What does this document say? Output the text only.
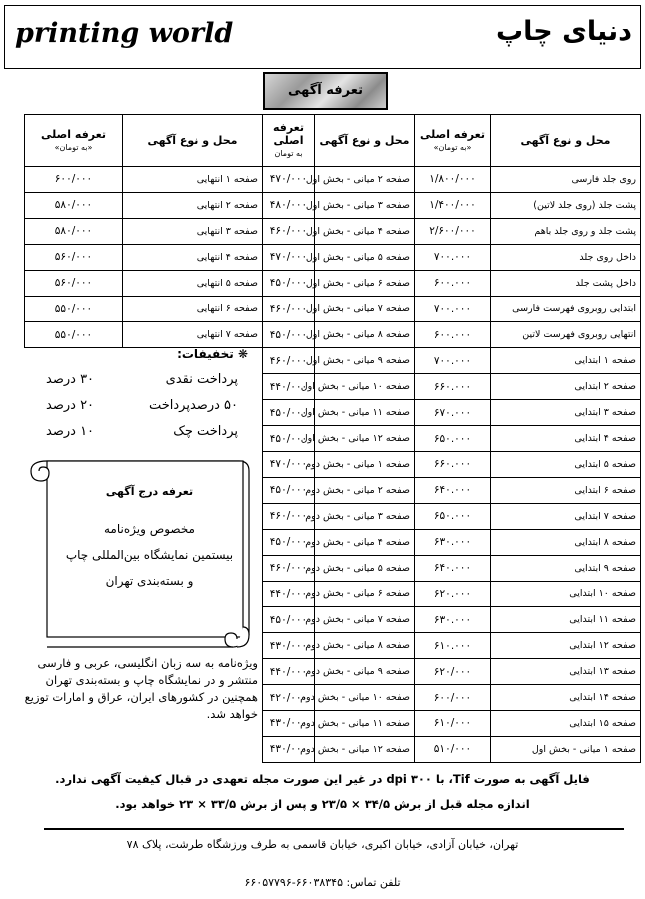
printing world	دنیای چاپ
تعرفه آگهی
محل و نوع آگهی	تعرفه اصلی
«به تومان»	محل و نوع آگهی	تعرفه
اصلی
به تومان

روی جلد فارسی	۱/۸۰۰/۰۰۰	صفحه ۲ میانی - بخش اول	۴۷۰/۰۰۰
پشت جلد (روی جلد لاتین)	۱/۴۰۰/۰۰۰	صفحه ۳ میانی - بخش اول	۴۸۰/۰۰۰
پشت جلد و روی جلد باهم	۲/۶۰۰/۰۰۰	صفحه ۴ میانی - بخش اول	۴۶۰/۰۰۰
داخل روی جلد	۷۰۰.۰۰۰	صفحه ۵ میانی - بخش اول	۴۷۰/۰۰۰
داخل پشت جلد	۶۰۰.۰۰۰	صفحه ۶ میانی - بخش اول	۴۵۰/۰۰۰
ابتدایی روبروی فهرست فارسی	۷۰۰.۰۰۰	صفحه ۷ میانی - بخش اول	۴۶۰/۰۰۰
انتهایی روبروی فهرست لاتین	۶۰۰.۰۰۰	صفحه ۸ میانی - بخش اول	۴۵۰/۰۰۰
صفحه ۱ ابتدایی	۷۰۰.۰۰۰	صفحه ۹ میانی - بخش اول	۴۶۰/۰۰۰
صفحه ۲ ابتدایی	۶۶۰.۰۰۰	صفحه ۱۰ میانی - بخش اول	۴۴۰/۰۰۰
صفحه ۳ ابتدایی	۶۷۰.۰۰۰	صفحه ۱۱ میانی - بخش اول	۴۵۰/۰۰۰
صفحه ۴ ابتدایی	۶۵۰.۰۰۰	صفحه ۱۲ میانی - بخش اول	۴۵۰/۰۰۰
صفحه ۵ ابتدایی	۶۶۰.۰۰۰	صفحه ۱ میانی - بخش دوم	۴۷۰/۰۰۰
صفحه ۶ ابتدایی	۶۴۰.۰۰۰	صفحه ۲ میانی - بخش دوم	۴۵۰/۰۰۰
صفحه ۷ ابتدایی	۶۵۰.۰۰۰	صفحه ۳ میانی - بخش دوم	۴۶۰/۰۰۰
صفحه ۸ ابتدایی	۶۳۰.۰۰۰	صفحه ۴ میانی - بخش دوم	۴۵۰/۰۰۰
صفحه ۹ ابتدایی	۶۴۰.۰۰۰	صفحه ۵ میانی - بخش دوم	۴۶۰/۰۰۰
صفحه ۱۰ ابتدایی	۶۲۰.۰۰۰	صفحه ۶ میانی - بخش دوم	۴۴۰/۰۰۰
صفحه ۱۱ ابتدایی	۶۳۰.۰۰۰	صفحه ۷ میانی - بخش دوم	۴۵۰/۰۰۰
صفحه ۱۲ ابتدایی	۶۱۰.۰۰۰	صفحه ۸ میانی - بخش دوم	۴۳۰/۰۰۰
صفحه ۱۳ ابتدایی	۶۲۰/۰۰۰	صفحه ۹ میانی - بخش دوم	۴۴۰/۰۰۰
صفحه ۱۴ ابتدایی	۶۰۰/۰۰۰	صفحه ۱۰ میانی - بخش دوم	۴۲۰/۰۰۰
صفحه ۱۵ ابتدایی	۶۱۰/۰۰۰	صفحه ۱۱ میانی - بخش دوم	۴۳۰/۰۰۰
صفحه ۱ میانی - بخش اول	۵۱۰/۰۰۰	صفحه ۱۲ میانی - بخش دوم	۴۳۰/۰۰۰
محل و نوع آگهی	تعرفه اصلی
«به تومان»

صفحه ۱ انتهایی	۶۰۰/۰۰۰
صفحه ۲ انتهایی	۵۸۰/۰۰۰
صفحه ۳ انتهایی	۵۸۰/۰۰۰
صفحه ۴ انتهایی	۵۶۰/۰۰۰
صفحه ۵ انتهایی	۵۶۰/۰۰۰
صفحه ۶ انتهایی	۵۵۰/۰۰۰
صفحه ۷ انتهایی	۵۵۰/۰۰۰
❋ تخفیفات:
پرداخت نقدی
۳۰ درصد
۵۰ درصدپرداخت
۲۰ درصد
پرداخت چک
۱۰ درصد
تعرفه درج آگهی
مخصوص ویژه‌نامه
بیستمین نمایشگاه بین‌المللی چاپ
و بسته‌بندی تهران
ویژه‌نامه به سه زبان انگلیسی، عربی و فارسی منتشر و در نمایشگاه چاپ و بسته‌بندی تهران همچنین در کشورهای ایران، عراق و امارات توزیع خواهد شد.
فایل آگهی به صورت Tif، با dpi ۳۰۰ در غیر این صورت مجله تعهدی در قبال کیفیت آگهی ندارد.
اندازه مجله قبل از برش ۳۴/۵ × ۲۳/۵ و پس از برش ۳۳/۵ × ۲۳ خواهد بود.
تهران، خیابان آزادی، خیابان اکبری، خیابان قاسمی به طرف ورزشگاه طرشت، پلاک ۷۸
تلفن تماس: ۶۶۰۳۸۳۴۵-۶۶۰۵۷۷۹۶
